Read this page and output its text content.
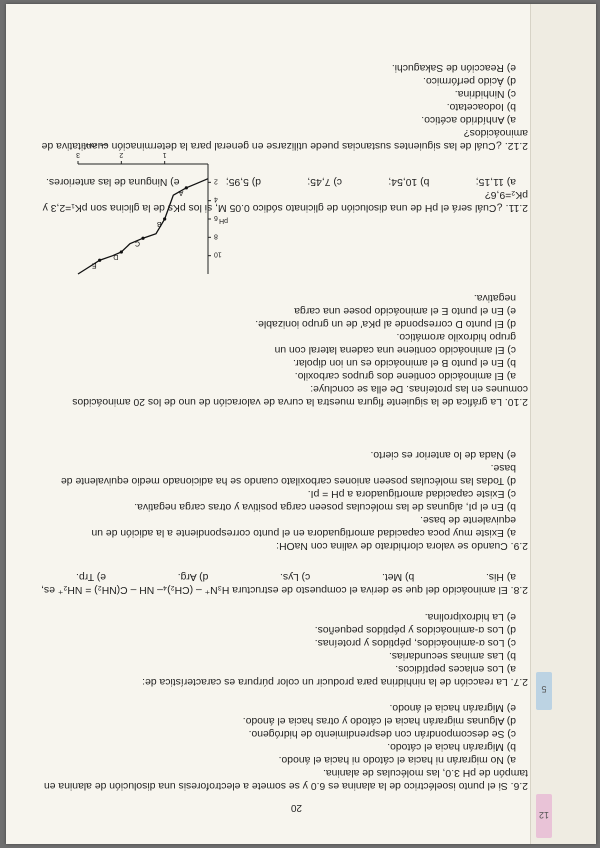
5
12
20

2.6. Si el punto isoeléctrico de la alanina es 6.0 y se somete a electroforesis una disolución de alanina en tampón de pH 3.0, las moléculas de alanina.

a) No migrarán ni hacia el cátodo ni hacia el ánodo.
b) Migrarán hacia el cátodo.
c) Se descompondrán con desprendimiento de hidrógeno.
d) Algunas migrarán hacia el cátodo y otras hacia el ánodo.
e) Migrarán hacia el ánodo.

2.7. La reacción de la ninhidrina para producir un color púrpura es característica de:

a) Los enlaces peptídicos.
b) Las aminas secundarias.
c) Los α-aminoácidos, péptidos y proteínas.
d) Los α-aminoácidos y péptidos pequeños.
e) La hidroxiprolina.

2.8. El aminoácido del que se deriva el compuesto de estructura H₃N⁺ – (CH₂)₄– NH – C(NH₂) = NH₂⁺ es,

a) His.
b) Met.
c) Lys.
d) Arg.
e) Trp.

2.9. Cuando se valora clorhidrato de valina con NaOH:

a) Existe muy poca capacidad amortiguadora en el punto correspondiente a la adición de un equivalente de base.
b) En el pI, algunas de las moléculas poseen carga positiva y otras carga negativa.
c) Existe capacidad amortiguadora a pH = pI.
d) Todas las moléculas poseen aniones carboxilato cuando se ha adicionado medio equivalente de base.
e) Nada de lo anterior es cierto.

2.10. La gráfica de la siguiente figura muestra la curva de valoración de uno de los 20 aminoácidos comunes en las proteínas. De ella se concluye:

a) El aminoácido contiene dos grupos carboxilo.
b) En el punto B el aminoácido es un ion dipolar.
c) El aminoácido contiene una cadena lateral con un grupo hidroxilo aromático.
d) El punto D corresponde al pKa' de un grupo ionizable.
e) En el punto E el aminoácido posee una carga negativa.
2
4
6
8
10
1
2
3
pH
A
B
C
D
E

2.11. ¿Cuál será el pH de una disolución de glicinato sódico 0.05 M, si los pKs de la glicina son pK₁=2,3 y pK₂=9,6?

a) 11,15;
b) 10,54;
c) 7,45;
d) 5,95;
e) Ninguna de las anteriores.

2.12. ¿Cuál de las siguientes sustancias puede utilizarse en general para la determinación cuantitativa de aminoácidos?

a) Anhídrido acético.
b) Iodoacetato.
c) Ninhidrina.
d) Ácido perfórmico.
e) Reacción de Sakaguchi.
